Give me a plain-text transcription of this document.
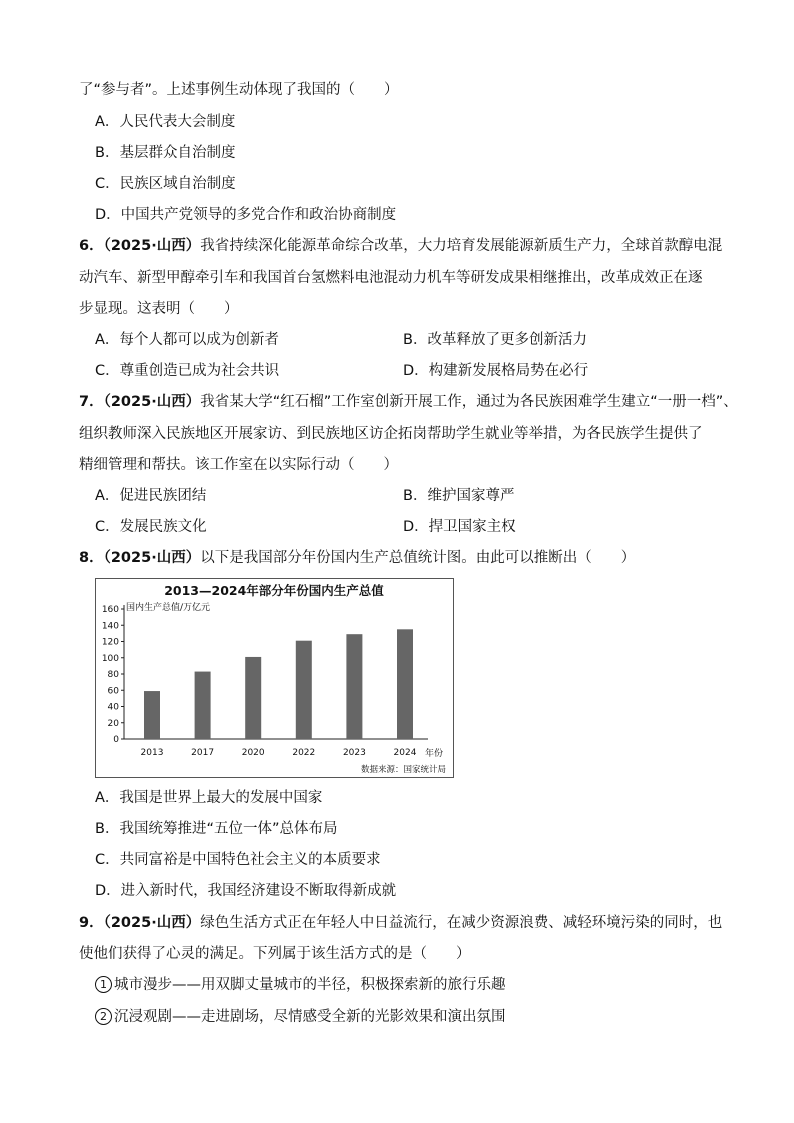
了“参与者”。上述事例生动体现了我国的（　　）
A．人民代表大会制度
B．基层群众自治制度
C．民族区域自治制度
D．中国共产党领导的多党合作和政治协商制度
6．（2025·山西）我省持续深化能源革命综合改革，大力培育发展能源新质生产力，全球首款醇电混
动汽车、新型甲醇牵引车和我国首台氢燃料电池混动力机车等研发成果相继推出，改革成效正在逐
步显现。这表明（　　）
A．每个人都可以成为创新者	B．改革释放了更多创新活力
C．尊重创造已成为社会共识	D．构建新发展格局势在必行
7．（2025·山西）我省某大学“红石榴”工作室创新开展工作，通过为各民族困难学生建立“一册一档”、
组织教师深入民族地区开展家访、到民族地区访企拓岗帮助学生就业等举措，为各民族学生提供了
精细管理和帮扶。该工作室在以实际行动（　　）
A．促进民族团结	B．维护国家尊严
C．发展民族文化	D．捍卫国家主权
8．（2025·山西）以下是我国部分年份国内生产总值统计图。由此可以推断出（　　）
2013—2024年部分年份国内生产总值
国内生产总值/万亿元
年份
数据来源：国家统计局
0
20
40
60
80
100
120
140
160
2013	2017	2020	2022	2023	2024
A．我国是世界上最大的发展中国家
B．我国统筹推进“五位一体”总体布局
C．共同富裕是中国特色社会主义的本质要求
D．进入新时代，我国经济建设不断取得新成就
9．（2025·山西）绿色生活方式正在年轻人中日益流行，在减少资源浪费、减轻环境污染的同时，也
使他们获得了心灵的满足。下列属于该生活方式的是（　　）
1 城市漫步——用双脚丈量城市的半径，积极探索新的旅行乐趣
2 沉浸观剧——走进剧场，尽情感受全新的光影效果和演出氛围
